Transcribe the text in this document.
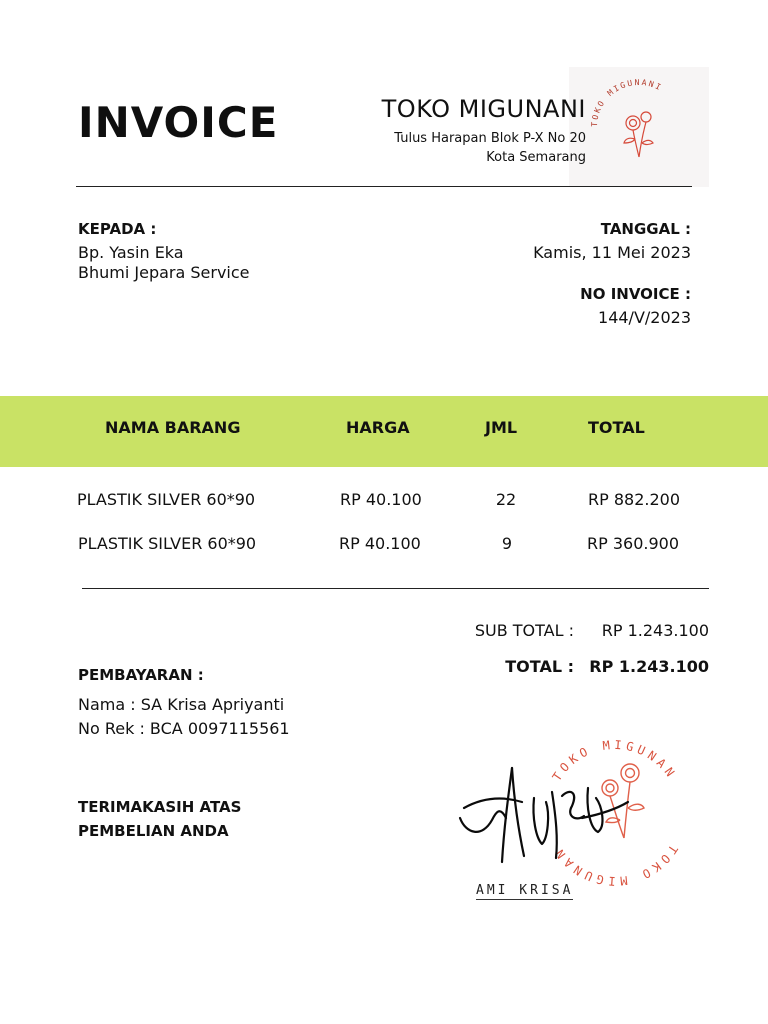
INVOICE	TOKO MIGUNANI
TOKO MIGUNANI
Tulus Harapan Blok P-X No 20
Kota Semarang
KEPADA :
Bp. Yasin Eka
Bhumi Jepara Service
TANGGAL :
Kamis, 11 Mei 2023
NO INVOICE :
144/V/2023
NAMA BARANG	HARGA	JML	TOTAL
PLASTIK SILVER 60*90	RP 40.100	22	RP 882.200
PLASTIK SILVER 60*90	RP 40.100	9	RP 360.900
SUB TOTAL : RP 1.243.100
TOTAL : RP 1.243.100
PEMBAYARAN :
Nama : SA Krisa Apriyanti
No Rek : BCA 0097115561
TERIMAKASIH ATAS
PEMBELIAN ANDA
TOKO MIGUNAN
TOKO MIGUNAN
AMI KRISA
